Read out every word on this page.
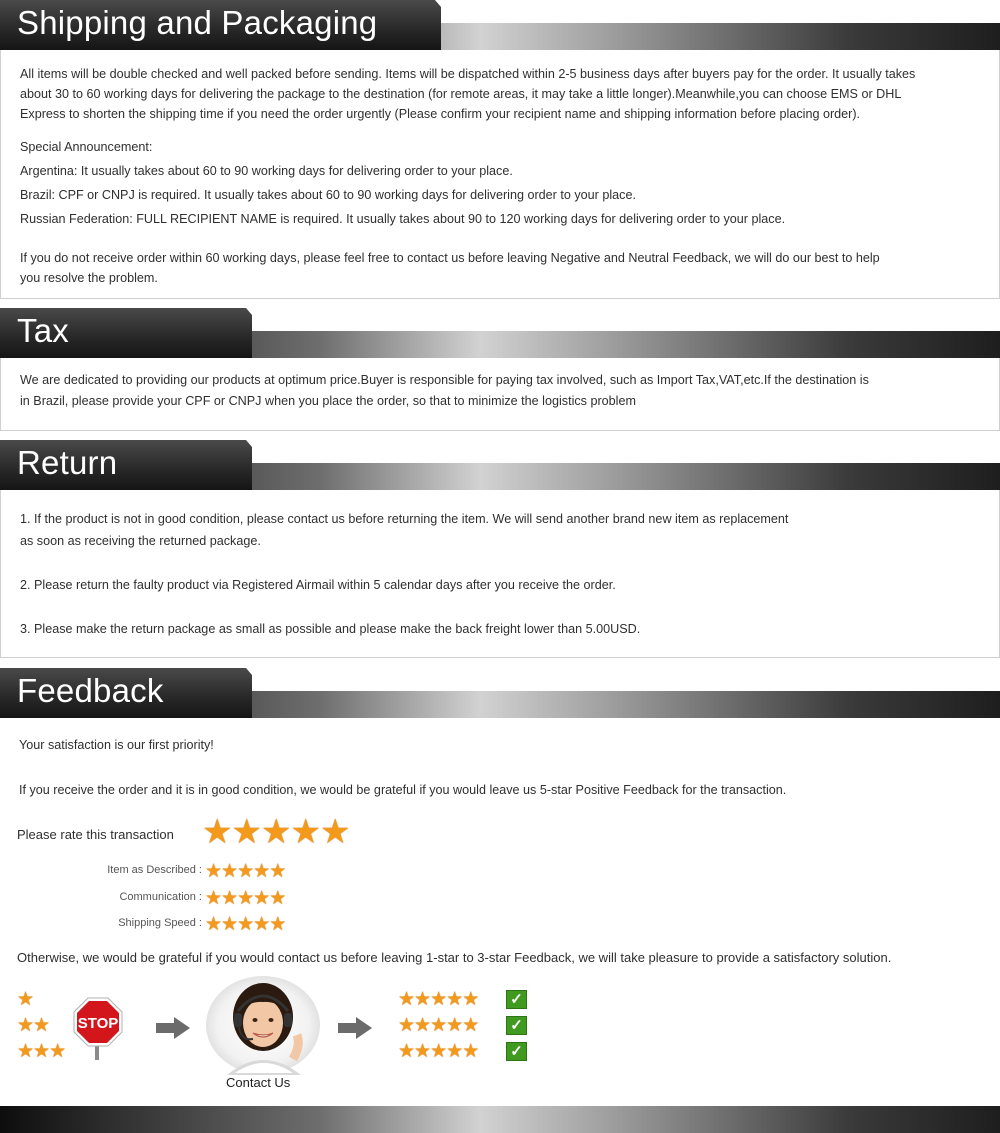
Shipping and Packaging
All items will be double checked and well packed before sending. Items will be dispatched within 2-5 business days after buyers pay for the order. It usually takes
about 30 to 60 working days for delivering the package to the destination (for remote areas, it may take a little longer).Meanwhile,you can choose EMS or DHL
Express to shorten the shipping time if you need the order urgently (Please confirm your recipient name and shipping information before placing order).
Special Announcement:
Argentina: It usually takes about 60 to 90 working days for delivering order to your place.
Brazil: CPF or CNPJ is required. It usually takes about 60 to 90 working days for delivering order to your place.
Russian Federation: FULL RECIPIENT NAME is required. It usually takes about 90 to 120 working days for delivering order to your place.
If you do not receive order within 60 working days, please feel free to contact us before leaving Negative and Neutral Feedback, we will do our best to help
you resolve the problem.
Tax
We are dedicated to providing our products at optimum price.Buyer is responsible for paying tax involved, such as Import Tax,VAT,etc.If the destination is
in Brazil, please provide your CPF or CNPJ when you place the order, so that to minimize the logistics problem
Return
1. If the product is not in good condition, please contact us before returning the item. We will send another brand new item as replacement
as soon as receiving the returned package.
2. Please return the faulty product via Registered Airmail within 5 calendar days after you receive the order.
3. Please make the return package as small as possible and please make the back freight lower than 5.00USD.
Feedback
Your satisfaction is our first priority!
If you receive the order and it is in good condition, we would be grateful if you would leave us 5-star Positive Feedback for the transaction.
Please rate this transaction ★ ★ ★ ★ ★
Item as Described : ★ ★ ★ ★ ★
Communication : ★ ★ ★ ★ ★
Shipping Speed : ★ ★ ★ ★ ★
Otherwise, we would be grateful if you would contact us before leaving 1-star to 3-star Feedback, we will take pleasure to provide a satisfactory solution.
★
★ ★
★ ★ ★
STOP
Contact Us
★ ★ ★ ★ ★ ✓
★ ★ ★ ★ ★ ✓
★ ★ ★ ★ ★ ✓
